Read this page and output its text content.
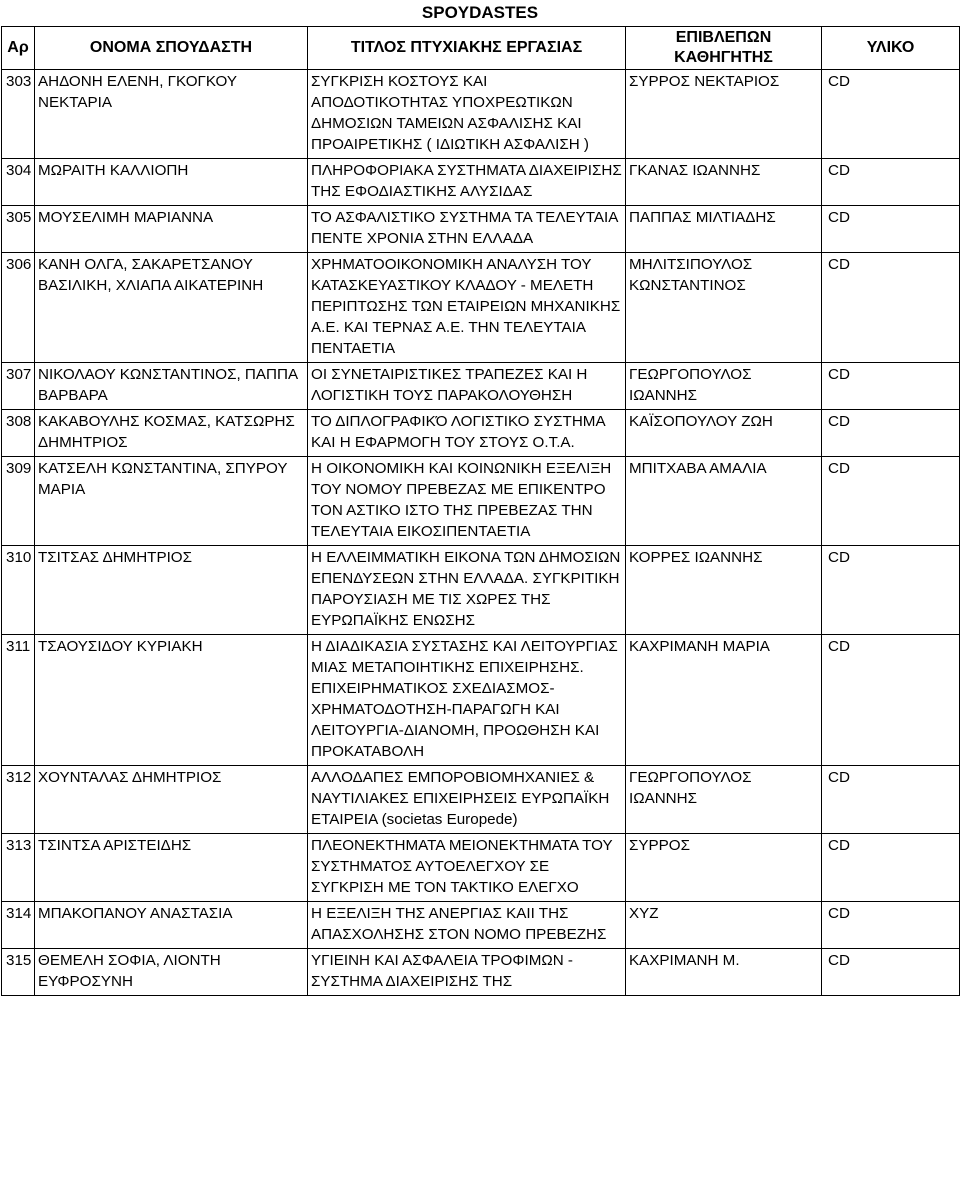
SPOYDASTES
Αρ	ΟΝΟΜΑ ΣΠΟΥΔΑΣΤΗ	ΤΙΤΛΟΣ ΠΤΥΧΙΑΚΗΣ ΕΡΓΑΣΙΑΣ	ΕΠΙΒΛΕΠΩΝ ΚΑΘΗΓΗΤΗΣ	ΥΛΙΚΟ
303	ΑΗΔΟΝΗ ΕΛΕΝΗ, ΓΚΟΓΚΟΥ ΝΕΚΤΑΡΙΑ	ΣΥΓΚΡΙΣΗ ΚΟΣΤΟΥΣ ΚΑΙ ΑΠΟΔΟΤΙΚΟΤΗΤΑΣ ΥΠΟΧΡΕΩΤΙΚΩΝ ΔΗΜΟΣΙΩΝ ΤΑΜΕΙΩΝ ΑΣΦΑΛΙΣΗΣ ΚΑΙ ΠΡΟΑΙΡΕΤΙΚΗΣ ( ΙΔΙΩΤΙΚΗ ΑΣΦΑΛΙΣΗ )	ΣΥΡΡΟΣ ΝΕΚΤΑΡΙΟΣ	CD
304	ΜΩΡΑΙΤΗ ΚΑΛΛΙΟΠΗ	ΠΛΗΡΟΦΟΡΙΑΚΑ ΣΥΣΤΗΜΑΤΑ ΔΙΑΧΕΙΡΙΣΗΣ ΤΗΣ ΕΦΟΔΙΑΣΤΙΚΗΣ ΑΛΥΣΙΔΑΣ	ΓΚΑΝΑΣ ΙΩΑΝΝΗΣ	CD
305	ΜΟΥΣΕΛΙΜΗ ΜΑΡΙΑΝΝΑ	ΤΟ ΑΣΦΑΛΙΣΤΙΚΟ ΣΥΣΤΗΜΑ ΤΑ ΤΕΛΕΥΤΑΙΑ ΠΕΝΤΕ ΧΡΟΝΙΑ ΣΤΗΝ ΕΛΛΑΔΑ	ΠΑΠΠΑΣ ΜΙΛΤΙΑΔΗΣ	CD
306	ΚΑΝΗ ΟΛΓΑ, ΣΑΚΑΡΕΤΣΑΝΟΥ ΒΑΣΙΛΙΚΗ, ΧΛΙΑΠΑ ΑΙΚΑΤΕΡΙΝΗ	ΧΡΗΜΑΤΟΟΙΚΟΝΟΜΙΚΗ ΑΝΑΛΥΣΗ ΤΟΥ ΚΑΤΑΣΚΕΥΑΣΤΙΚΟΥ ΚΛΑΔΟΥ - ΜΕΛΕΤΗ ΠΕΡΙΠΤΩΣΗΣ ΤΩΝ ΕΤΑΙΡΕΙΩΝ ΜΗΧΑΝΙΚΗΣ Α.Ε. ΚΑΙ ΤΕΡΝΑΣ Α.Ε. ΤΗΝ ΤΕΛΕΥΤΑΙΑ ΠΕΝΤΑΕΤΙΑ	ΜΗΛΙΤΣΙΠΟΥΛΟΣ ΚΩΝΣΤΑΝΤΙΝΟΣ	CD
307	ΝΙΚΟΛΑΟΥ ΚΩΝΣΤΑΝΤΙΝΟΣ, ΠΑΠΠΑ ΒΑΡΒΑΡΑ	ΟΙ ΣΥΝΕΤΑΙΡΙΣΤΙΚΕΣ ΤΡΑΠΕΖΕΣ ΚΑΙ Η ΛΟΓΙΣΤΙΚΗ ΤΟΥΣ ΠΑΡΑΚΟΛΟΥΘΗΣΗ	ΓΕΩΡΓΟΠΟΥΛΟΣ ΙΩΑΝΝΗΣ	CD
308	ΚΑΚΑΒΟΥΛΗΣ ΚΟΣΜΑΣ, ΚΑΤΣΩΡΗΣ ΔΗΜΗΤΡΙΟΣ	ΤΟ ΔΙΠΛΟΓΡΑΦΙΚΌ ΛΟΓΙΣΤΙΚΟ ΣΥΣΤΗΜΑ ΚΑΙ Η ΕΦΑΡΜΟΓΗ ΤΟΥ ΣΤΟΥΣ Ο.Τ.Α.	ΚΑΪΣΟΠΟΥΛΟΥ ΖΩΗ	CD
309	ΚΑΤΣΕΛΗ ΚΩΝΣΤΑΝΤΙΝΑ, ΣΠΥΡΟΥ ΜΑΡΙΑ	Η ΟΙΚΟΝΟΜΙΚΗ ΚΑΙ ΚΟΙΝΩΝΙΚΗ ΕΞΕΛΙΞΗ ΤΟΥ ΝΟΜΟΥ ΠΡΕΒΕΖΑΣ ΜΕ ΕΠΙΚΕΝΤΡΟ ΤΟΝ ΑΣΤΙΚΟ ΙΣΤΟ ΤΗΣ ΠΡΕΒΕΖΑΣ ΤΗΝ ΤΕΛΕΥΤΑΙΑ ΕΙΚΟΣΙΠΕΝΤΑΕΤΙΑ	ΜΠΙΤΧΑΒΑ ΑΜΑΛΙΑ	CD
310	ΤΣΙΤΣΑΣ ΔΗΜΗΤΡΙΟΣ	Η ΕΛΛΕΙΜΜΑΤΙΚΗ ΕΙΚΟΝΑ ΤΩΝ ΔΗΜΟΣΙΩΝ ΕΠΕΝΔΥΣΕΩΝ ΣΤΗΝ ΕΛΛΑΔΑ. ΣΥΓΚΡΙΤΙΚΗ ΠΑΡΟΥΣΙΑΣΗ ΜΕ ΤΙΣ ΧΩΡΕΣ ΤΗΣ ΕΥΡΩΠΑΪΚΗΣ ΕΝΩΣΗΣ	ΚΟΡΡΕΣ ΙΩΑΝΝΗΣ	CD
311	ΤΣΑΟΥΣΙΔΟΥ ΚΥΡΙΑΚΗ	Η ΔΙΑΔΙΚΑΣΙΑ ΣΥΣΤΑΣΗΣ ΚΑΙ ΛΕΙΤΟΥΡΓΙΑΣ ΜΙΑΣ ΜΕΤΑΠΟΙΗΤΙΚΗΣ ΕΠΙΧΕΙΡΗΣΗΣ. ΕΠΙΧΕΙΡΗΜΑΤΙΚΟΣ ΣΧΕΔΙΑΣΜΟΣ-ΧΡΗΜΑΤΟΔΟΤΗΣΗ-ΠΑΡΑΓΩΓΗ ΚΑΙ ΛΕΙΤΟΥΡΓΙΑ-ΔΙΑΝΟΜΗ, ΠΡΟΩΘΗΣΗ ΚΑΙ ΠΡΟΚΑΤΑΒΟΛΗ	ΚΑΧΡΙΜΑΝΗ ΜΑΡΙΑ	CD
312	ΧΟΥΝΤΑΛΑΣ ΔΗΜΗΤΡΙΟΣ	ΑΛΛΟΔΑΠΕΣ ΕΜΠΟΡΟΒΙΟΜΗΧΑΝΙΕΣ & ΝΑΥΤΙΛΙΑΚΕΣ ΕΠΙΧΕΙΡΗΣΕΙΣ ΕΥΡΩΠΑΪΚΗ ΕΤΑΙΡΕΙΑ (societas Europede)	ΓΕΩΡΓΟΠΟΥΛΟΣ ΙΩΑΝΝΗΣ	CD
313	ΤΣΙΝΤΣΑ ΑΡΙΣΤΕΙΔΗΣ	ΠΛΕΟΝΕΚΤΗΜΑΤΑ ΜΕΙΟΝΕΚΤΗΜΑΤΑ ΤΟΥ ΣΥΣΤΗΜΑΤΟΣ ΑΥΤΟΕΛΕΓΧΟΥ ΣΕ ΣΥΓΚΡΙΣΗ ΜΕ ΤΟΝ ΤΑΚΤΙΚΟ ΕΛΕΓΧΟ	ΣΥΡΡΟΣ	CD
314	ΜΠΑΚΟΠΑΝΟΥ ΑΝΑΣΤΑΣΙΑ	Η ΕΞΕΛΙΞΗ ΤΗΣ ΑΝΕΡΓΙΑΣ ΚΑΙΙ ΤΗΣ ΑΠΑΣΧΟΛΗΣΗΣ ΣΤΟΝ ΝΟΜΟ ΠΡΕΒΕΖΗΣ	ΧΥΖ	CD
315	ΘΕΜΕΛΗ ΣΟΦΙΑ, ΛΙΟΝΤΗ ΕΥΦΡΟΣΥΝΗ	ΥΓΙΕΙΝΗ ΚΑΙ ΑΣΦΑΛΕΙΑ ΤΡΟΦΙΜΩΝ - ΣΥΣΤΗΜΑ ΔΙΑΧΕΙΡΙΣΗΣ ΤΗΣ	ΚΑΧΡΙΜΑΝΗ Μ.	CD
